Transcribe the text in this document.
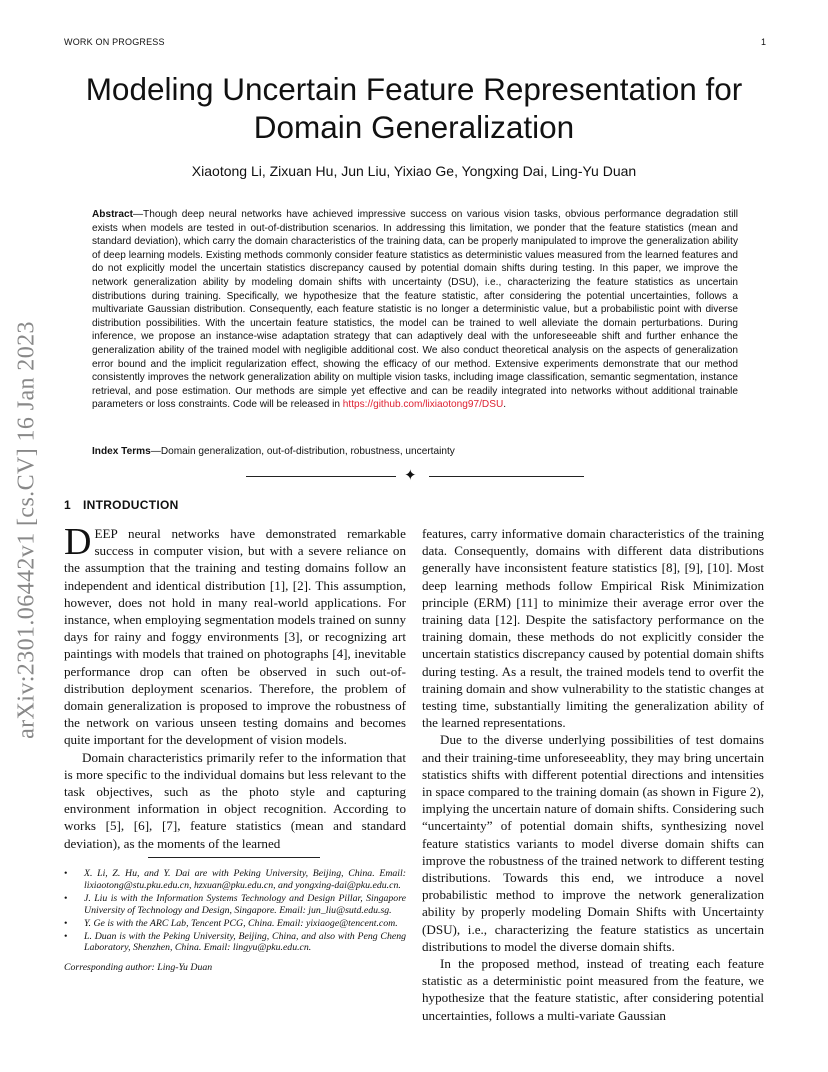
WORK ON PROGRESS	1
Modeling Uncertain Feature Representation for Domain Generalization
Xiaotong Li, Zixuan Hu, Jun Liu, Yixiao Ge, Yongxing Dai, Ling-Yu Duan
Abstract—Though deep neural networks have achieved impressive success on various vision tasks, obvious performance degradation still exists when models are tested in out-of-distribution scenarios. In addressing this limitation, we ponder that the feature statistics (mean and standard deviation), which carry the domain characteristics of the training data, can be properly manipulated to improve the generalization ability of deep learning models. Existing methods commonly consider feature statistics as deterministic values measured from the learned features and do not explicitly model the uncertain statistics discrepancy caused by potential domain shifts during testing. In this paper, we improve the network generalization ability by modeling domain shifts with uncertainty (DSU), i.e., characterizing the feature statistics as uncertain distributions during training. Specifically, we hypothesize that the feature statistic, after considering the potential uncertainties, follows a multivariate Gaussian distribution. Consequently, each feature statistic is no longer a deterministic value, but a probabilistic point with diverse distribution possibilities. With the uncertain feature statistics, the model can be trained to well alleviate the domain perturbations. During inference, we propose an instance-wise adaptation strategy that can adaptively deal with the unforeseeable shift and further enhance the generalization ability of the trained model with negligible additional cost. We also conduct theoretical analysis on the aspects of generalization error bound and the implicit regularization effect, showing the efficacy of our method. Extensive experiments demonstrate that our method consistently improves the network generalization ability on multiple vision tasks, including image classification, semantic segmentation, instance retrieval, and pose estimation. Our methods are simple yet effective and can be readily integrated into networks without additional trainable parameters or loss constraints. Code will be released in https://github.com/lixiaotong97/DSU.
Index Terms—Domain generalization, out-of-distribution, robustness, uncertainty
✦
1 INTRODUCTION

DEEP neural networks have demonstrated remarkable success in computer vision, but with a severe reliance on the assumption that the training and testing domains follow an independent and identical distribution [1], [2]. This assumption, however, does not hold in many real-world applications. For instance, when employing segmentation models trained on sunny days for rainy and foggy environments [3], or recognizing art paintings with models that trained on photographs [4], inevitable performance drop can often be observed in such out-of-distribution deployment scenarios. Therefore, the problem of domain generalization is proposed to improve the robustness of the network on various unseen testing domains and becomes quite important for the development of vision models.

Domain characteristics primarily refer to the information that is more specific to the individual domains but less relevant to the task objectives, such as the photo style and capturing environment information in object recognition. According to works [5], [6], [7], feature statistics (mean and standard deviation), as the moments of the learned

features, carry informative domain characteristics of the training data. Consequently, domains with different data distributions generally have inconsistent feature statistics [8], [9], [10]. Most deep learning methods follow Empirical Risk Minimization principle (ERM) [11] to minimize their average error over the training data [12]. Despite the satisfactory performance on the training domain, these methods do not explicitly consider the uncertain statistics discrepancy caused by potential domain shifts during testing. As a result, the trained models tend to overfit the training domain and show vulnerability to the statistic changes at testing time, substantially limiting the generalization ability of the learned representations.

Due to the diverse underlying possibilities of test domains and their training-time unforeseeablity, they may bring uncertain statistics shifts with different potential directions and intensities in space compared to the training domain (as shown in Figure 2), implying the uncertain nature of domain shifts. Considering such “uncertainty” of potential domain shifts, synthesizing novel feature statistics variants to model diverse domain shifts can improve the robustness of the trained network to different testing distributions. Towards this end, we introduce a novel probabilistic method to improve the network generalization ability by properly modeling Domain Shifts with Uncertainty (DSU), i.e., characterizing the feature statistics as uncertain distributions to model the diverse domain shifts.

In the proposed method, instead of treating each feature statistic as a deterministic point measured from the feature, we hypothesize that the feature statistic, after considering potential uncertainties, follows a multi-variate Gaussian

• X. Li, Z. Hu, and Y. Dai are with Peking University, Beijing, China. Email: lixiaotong@stu.pku.edu.cn, hzxuan@pku.edu.cn, and yongxing-dai@pku.edu.cn.
• J. Liu is with the Information Systems Technology and Design Pillar, Singapore University of Technology and Design, Singapore. Email: jun_liu@sutd.edu.sg.
• Y. Ge is with the ARC Lab, Tencent PCG, China. Email: yixiaoge@tencent.com.
• L. Duan is with the Peking University, Beijing, China, and also with Peng Cheng Laboratory, Shenzhen, China. Email: lingyu@pku.edu.cn.
Corresponding author: Ling-Yu Duan
arXiv:2301.06442v1 [cs.CV] 16 Jan 2023
